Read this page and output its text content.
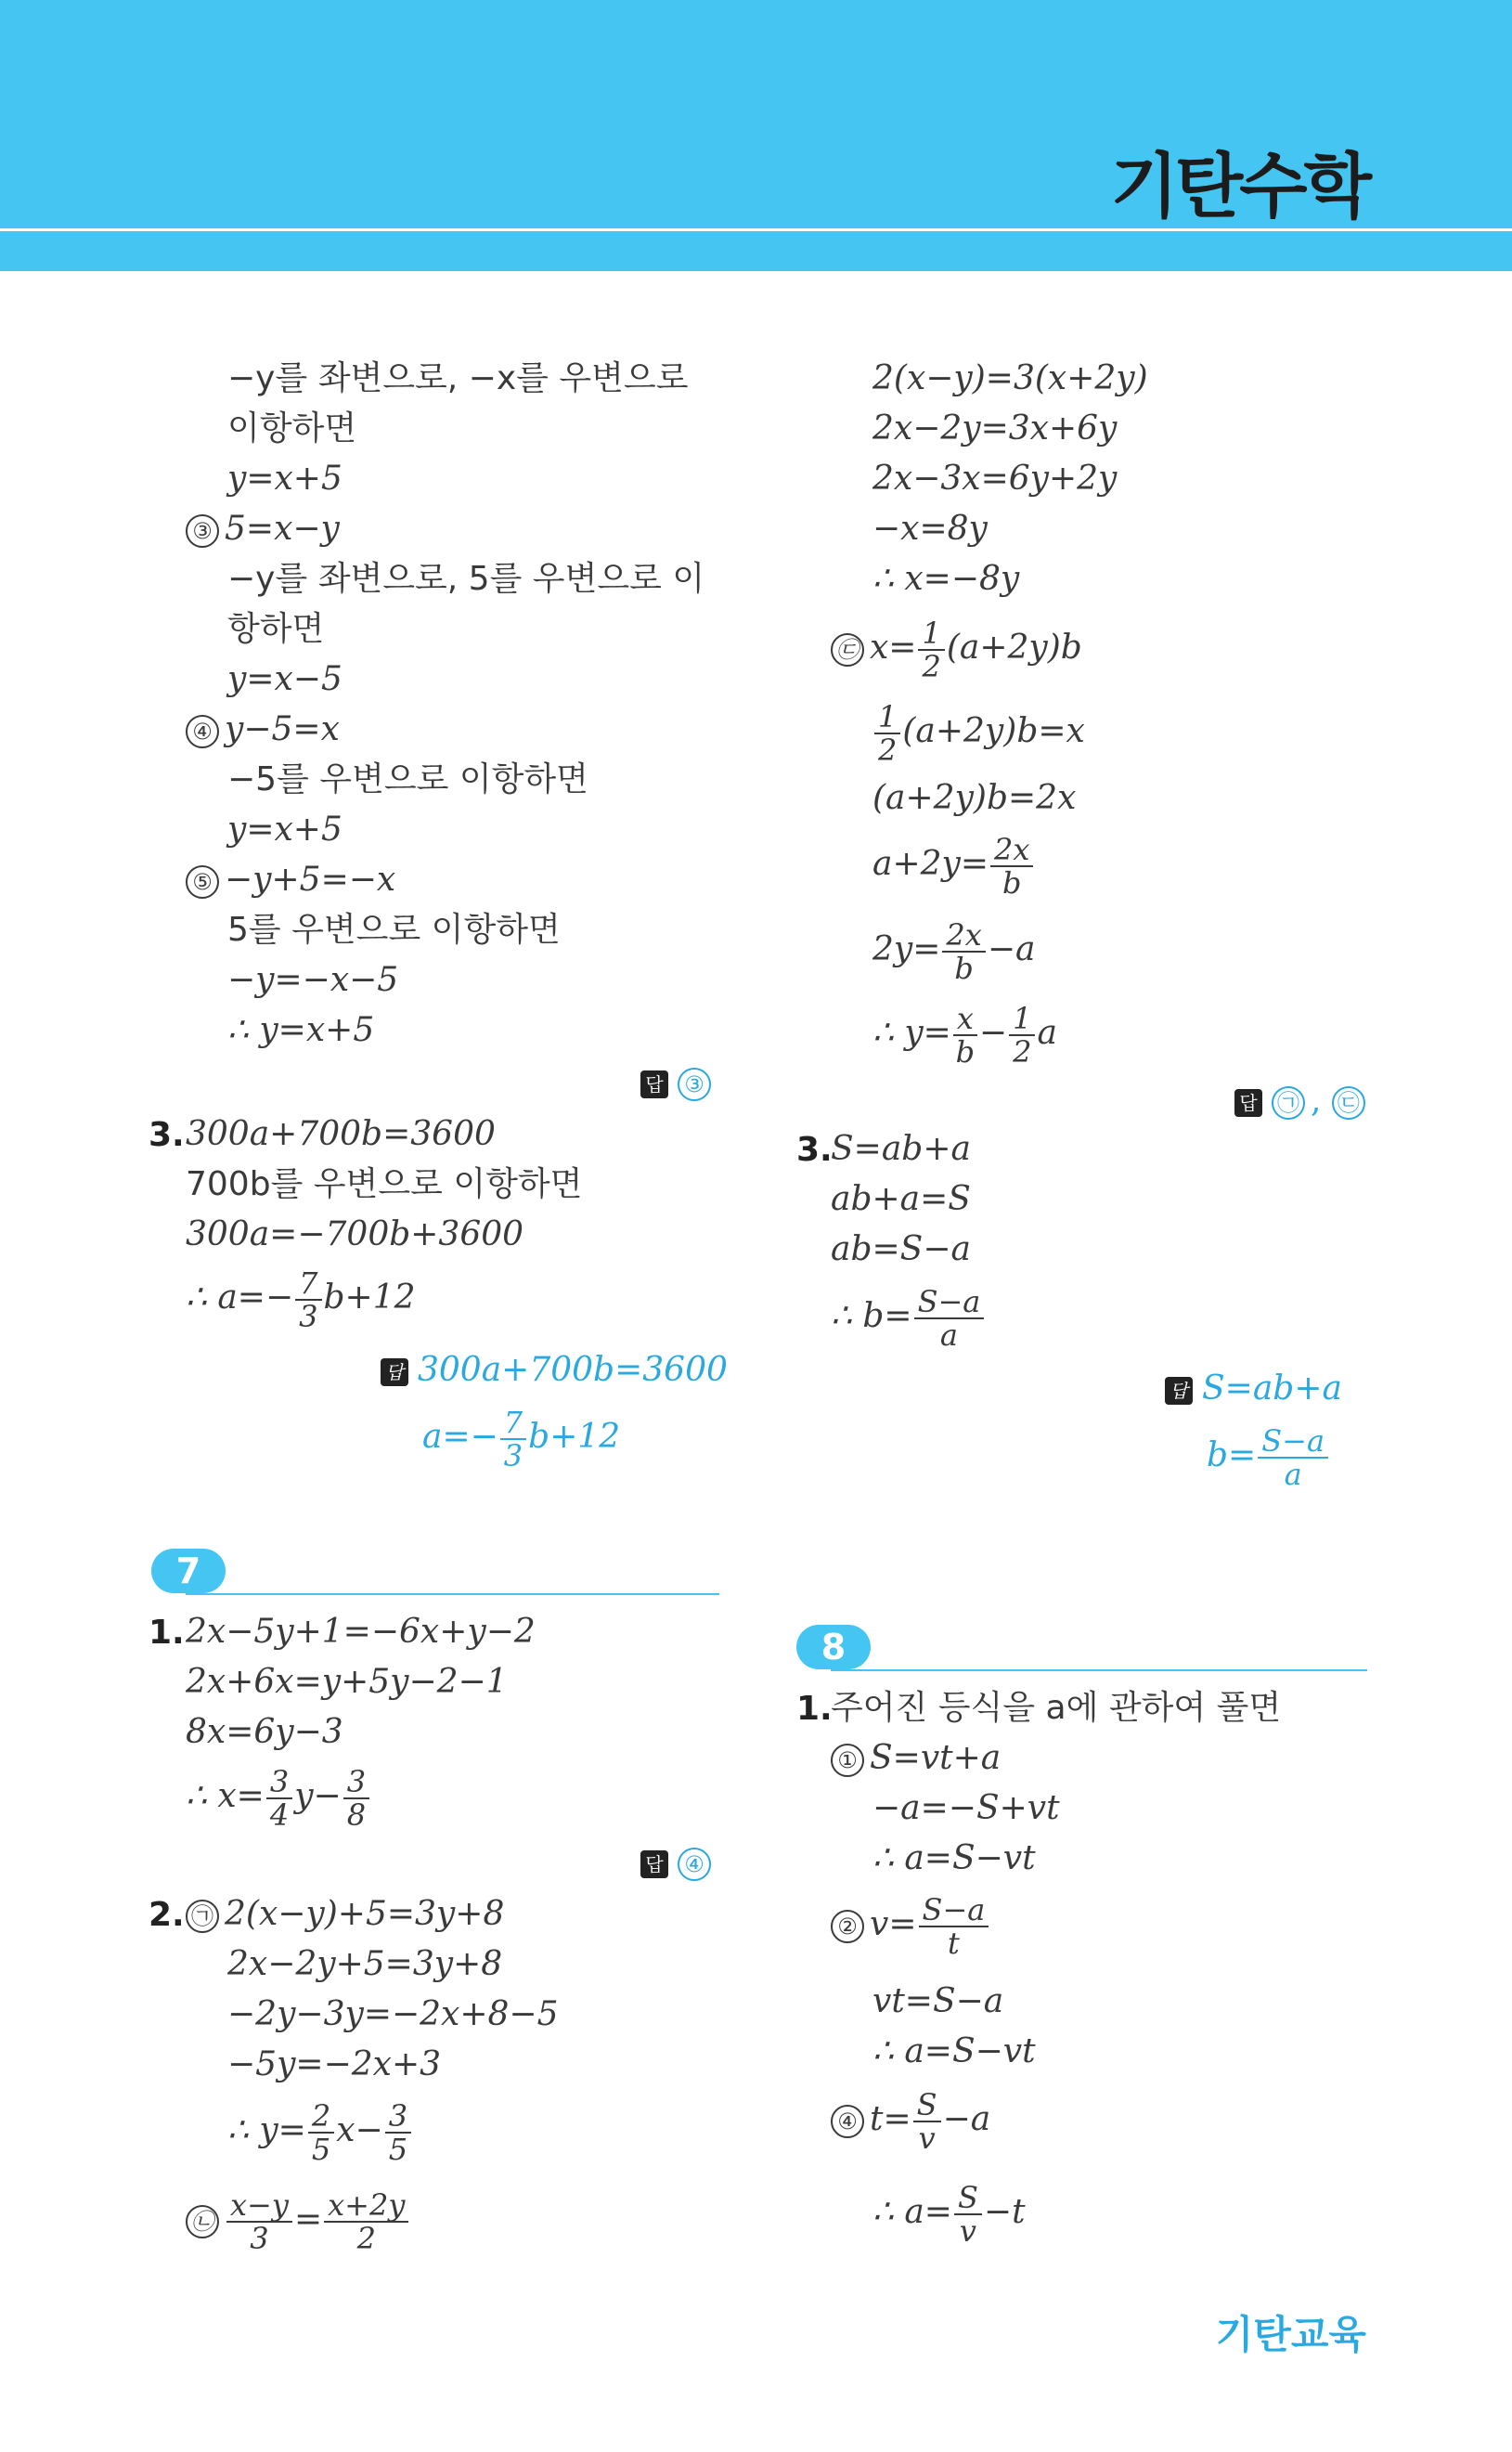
기탄수학
−y를 좌변으로, −x를 우변으로
이항하면
y=x+5
③ 5=x−y
−y를 좌변으로, 5를 우변으로 이
항하면
y=x−5
④ y−5=x
−5를 우변으로 이항하면
y=x+5
⑤ −y+5=−x
5를 우변으로 이항하면
−y=−x−5
∴ y=x+5
답 ③
3. 300a+700b=3600
700b를 우변으로 이항하면
300a=−700b+3600
∴ $a=- \frac{7}{3} b+12$
답 300a+700b=3600
$a=- \frac{7}{3} b+12$
7
1. 2x−5y+1=−6x+y−2
2x+6x=y+5y−2−1
8x=6y−3
∴ $x= \frac{3}{4} y- \frac{3}{8}$
답 ④
2. ㉠ 2(x−y)+5=3y+8
2x−2y+5=3y+8
−2y−3y=−2x+8−5
−5y=−2x+3
∴ $y= \frac{2}{5} x- \frac{3}{5}$
㉡ $\frac{x-y}{3} = \frac{x+2y}{2}$
2(x−y)=3(x+2y)
2x−2y=3x+6y
2x−3x=6y+2y
−x=8y
∴ x=−8y
㉢ $x= \frac{1}{2} (a+2y)b$
$\frac{1}{2} (a+2y)b=x$
(a+2y)b=2x
$a+2y= \frac{2x}{b}$
$2y= \frac{2x}{b} -a$
∴ $y= \frac{x}{b} - \frac{1}{2}$ a
답 ㉠ , ㉢
3.
S=ab+a
ab+a=S
ab=S−a
∴ $b= \frac{S-a}{a}$
답 S=ab+a
$b= \frac{S-a}{a}$
8
1.
주어진 등식을 a에 관하여 풀면
① S=vt+a
−a=−S+vt
∴ a=S−vt
② $v= \frac{S-a}{t}$
vt=S−a
∴ a=S−vt
④ $t= \frac{S}{v} -a$
∴ $a= \frac{S}{v} -t$
기탄교육
